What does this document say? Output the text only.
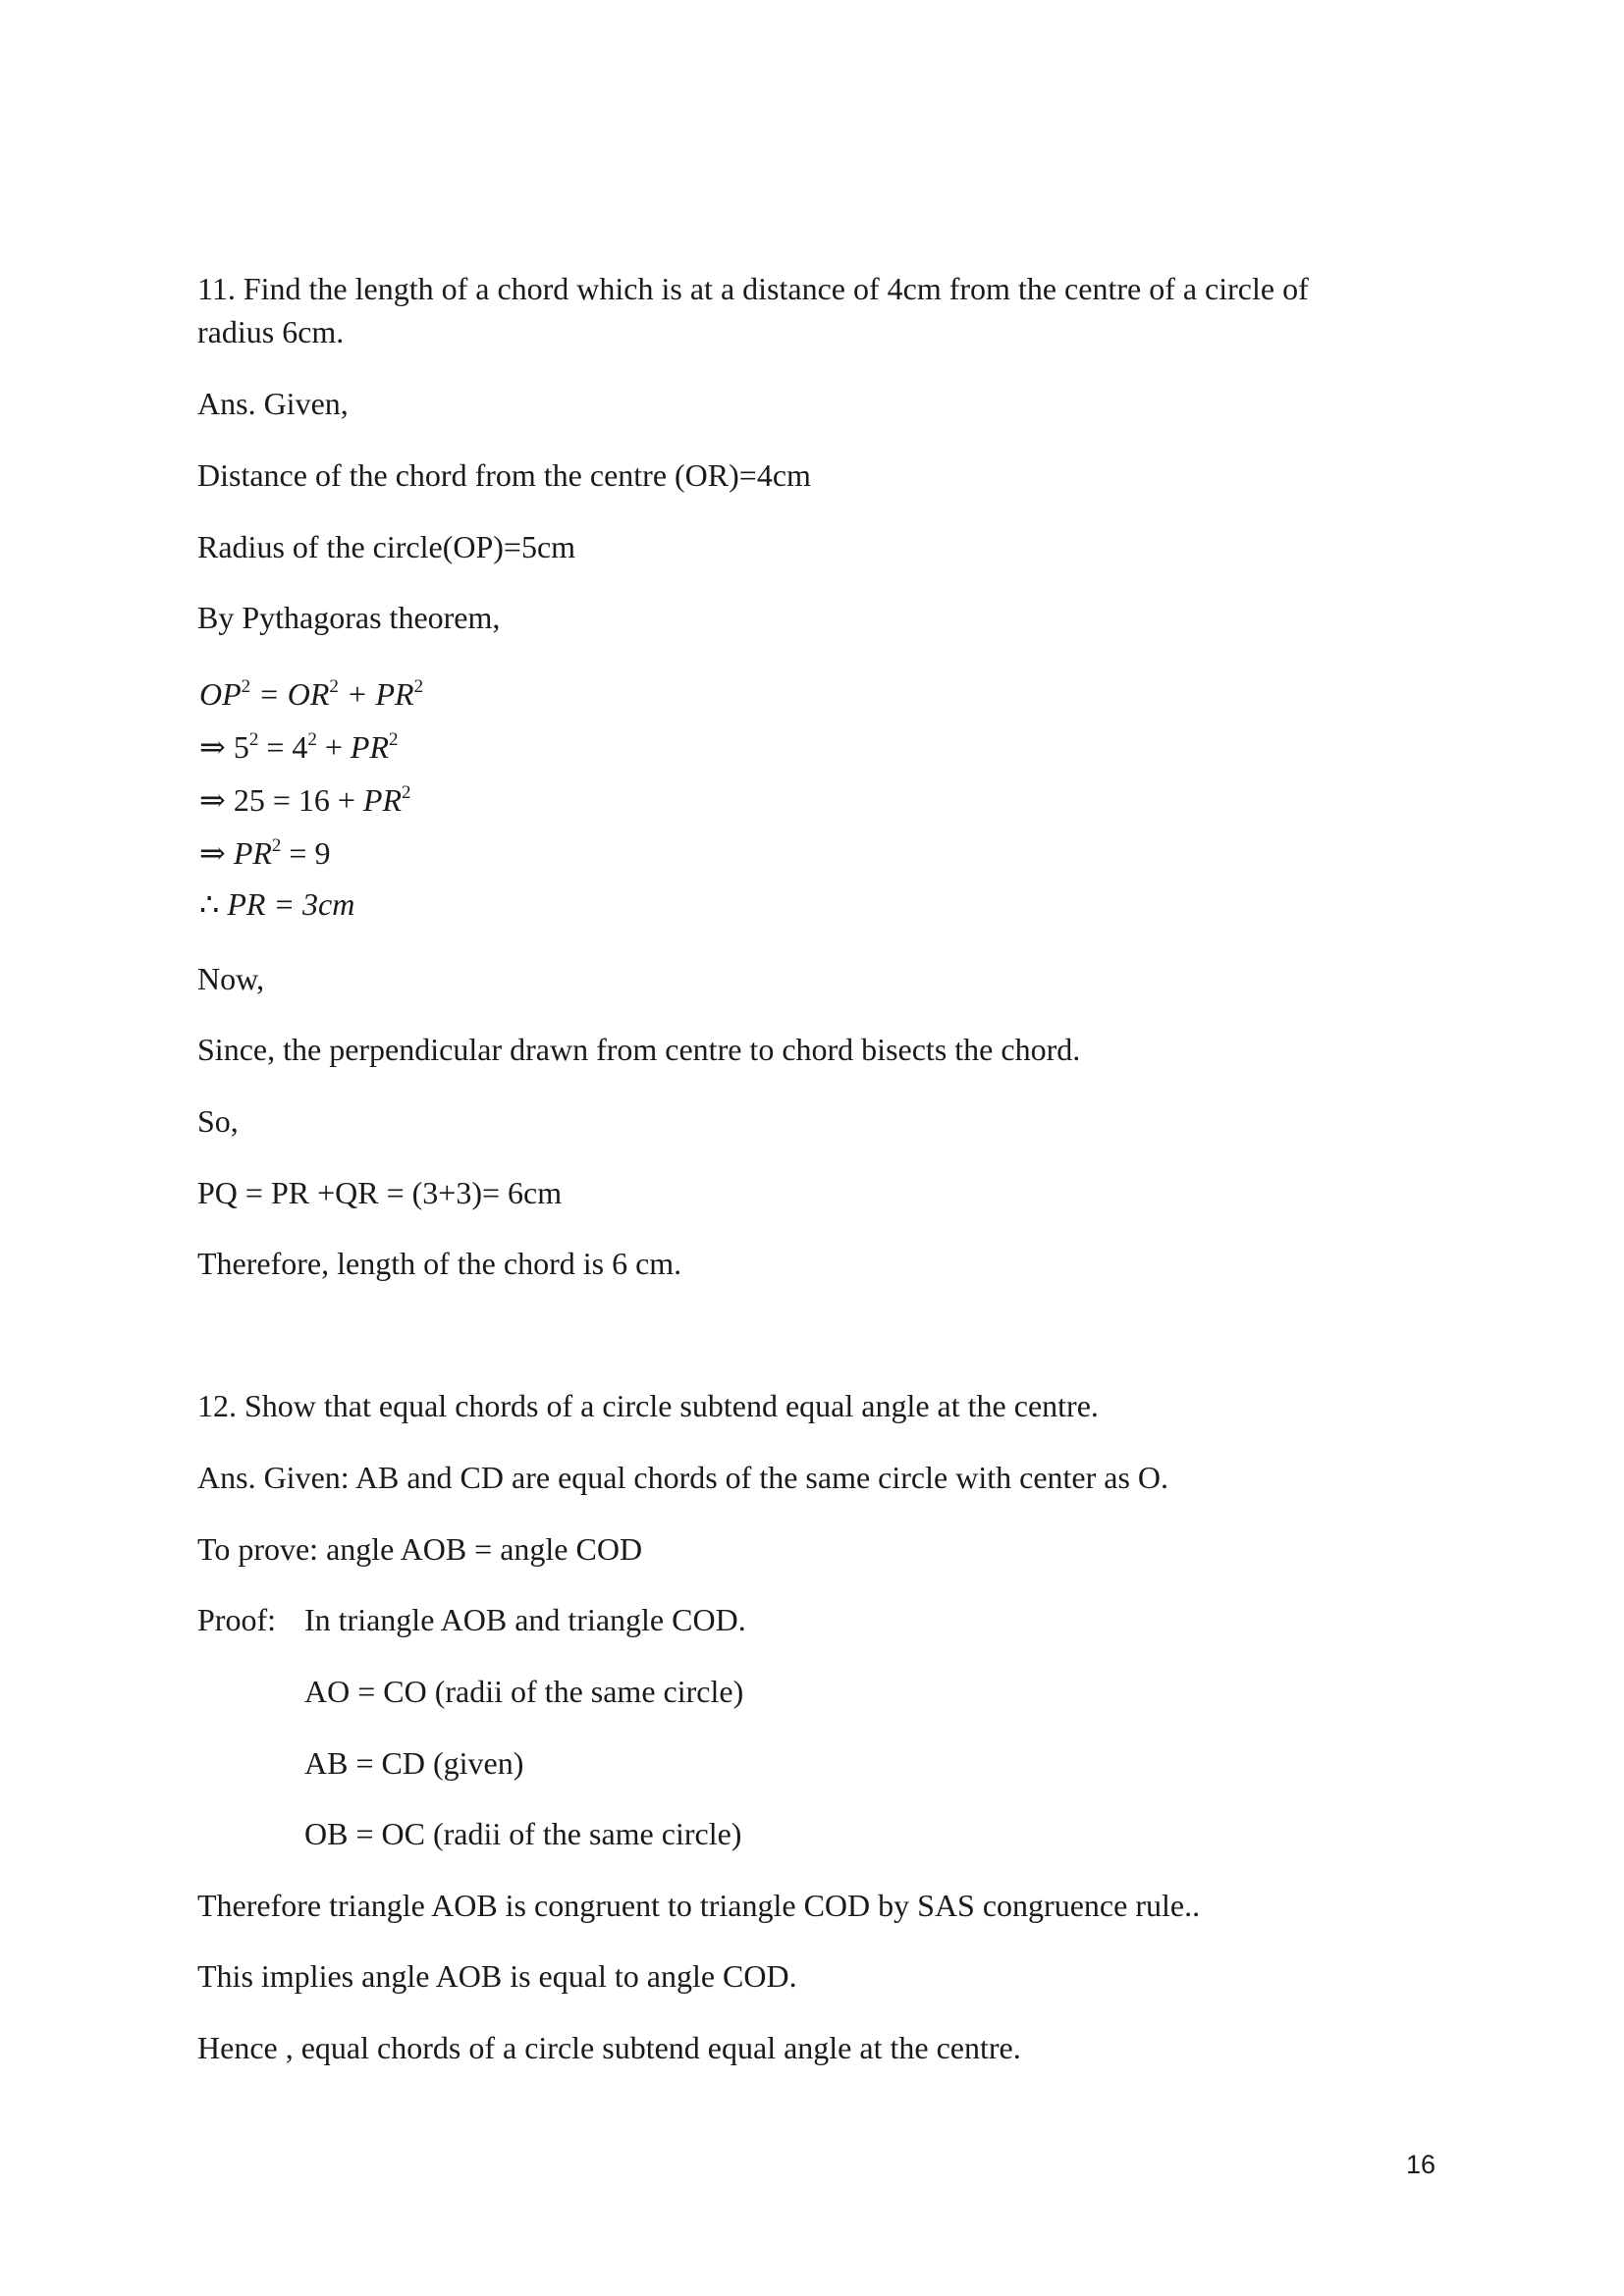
11. Find the length of a chord which is at a distance of 4cm from the centre of a circle of
radius 6cm.
Ans. Given,
Distance of the chord from the centre (OR)=4cm
Radius of the circle(OP)=5cm
By Pythagoras theorem,
$OP^2 = OR^2 + PR^2$
⇒ $5^2 = 4^2 + PR^2$
⇒ $25 = 16 + PR^2$
⇒ $PR^2 = 9$
∴ PR = 3cm
Now,
Since, the perpendicular drawn from centre to chord bisects the chord.
So,
PQ = PR +QR = (3+3)= 6cm
Therefore, length of the chord is 6 cm.
12. Show that equal chords of a circle subtend equal angle at the centre.
Ans. Given: AB and CD are equal chords of the same circle with center as O.
To prove: angle AOB = angle COD
Proof: In triangle AOB and triangle COD.
AO = CO (radii of the same circle)
AB = CD (given)
OB = OC (radii of the same circle)
Therefore triangle AOB is congruent to triangle COD by SAS congruence rule..
This implies angle AOB is equal to angle COD.
Hence , equal chords of a circle subtend equal angle at the centre.
16
